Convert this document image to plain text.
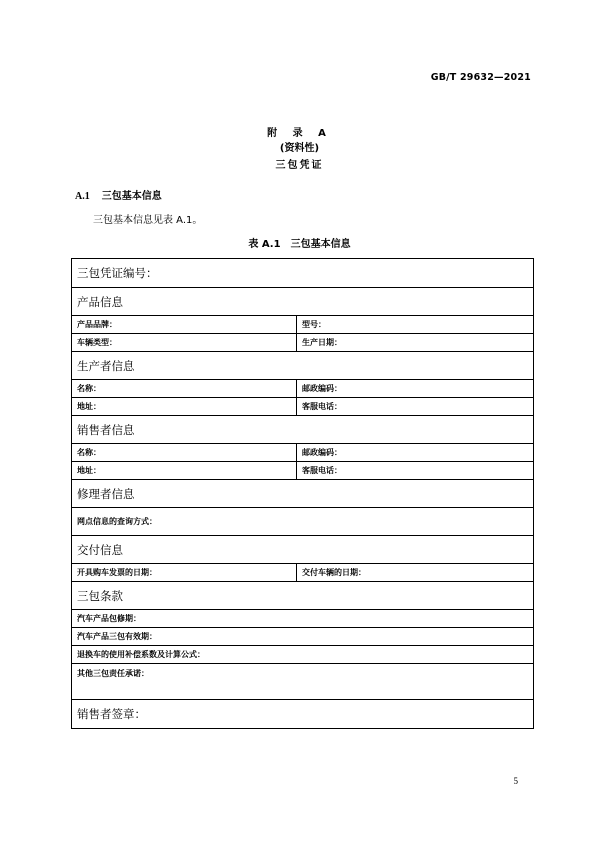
GB/T 29632—2021
附 录 A
(资料性)
三包凭证
A.1 三包基本信息
三包基本信息见表 A.1。
表 A.1　三包基本信息
三包凭证编号：	
产品信息	
产品品牌：	型号：
车辆类型：	生产日期：
生产者信息	
名称：	邮政编码：
地址：	客服电话：
销售者信息	
名称：	邮政编码：
地址：	客服电话：
修理者信息	
网点信息的查询方式：	
交付信息	
开具购车发票的日期：	交付车辆的日期：
三包条款	
汽车产品包修期：	
汽车产品三包有效期：	
退换车的使用补偿系数及计算公式：	
其他三包责任承诺：	
销售者签章：	
5
